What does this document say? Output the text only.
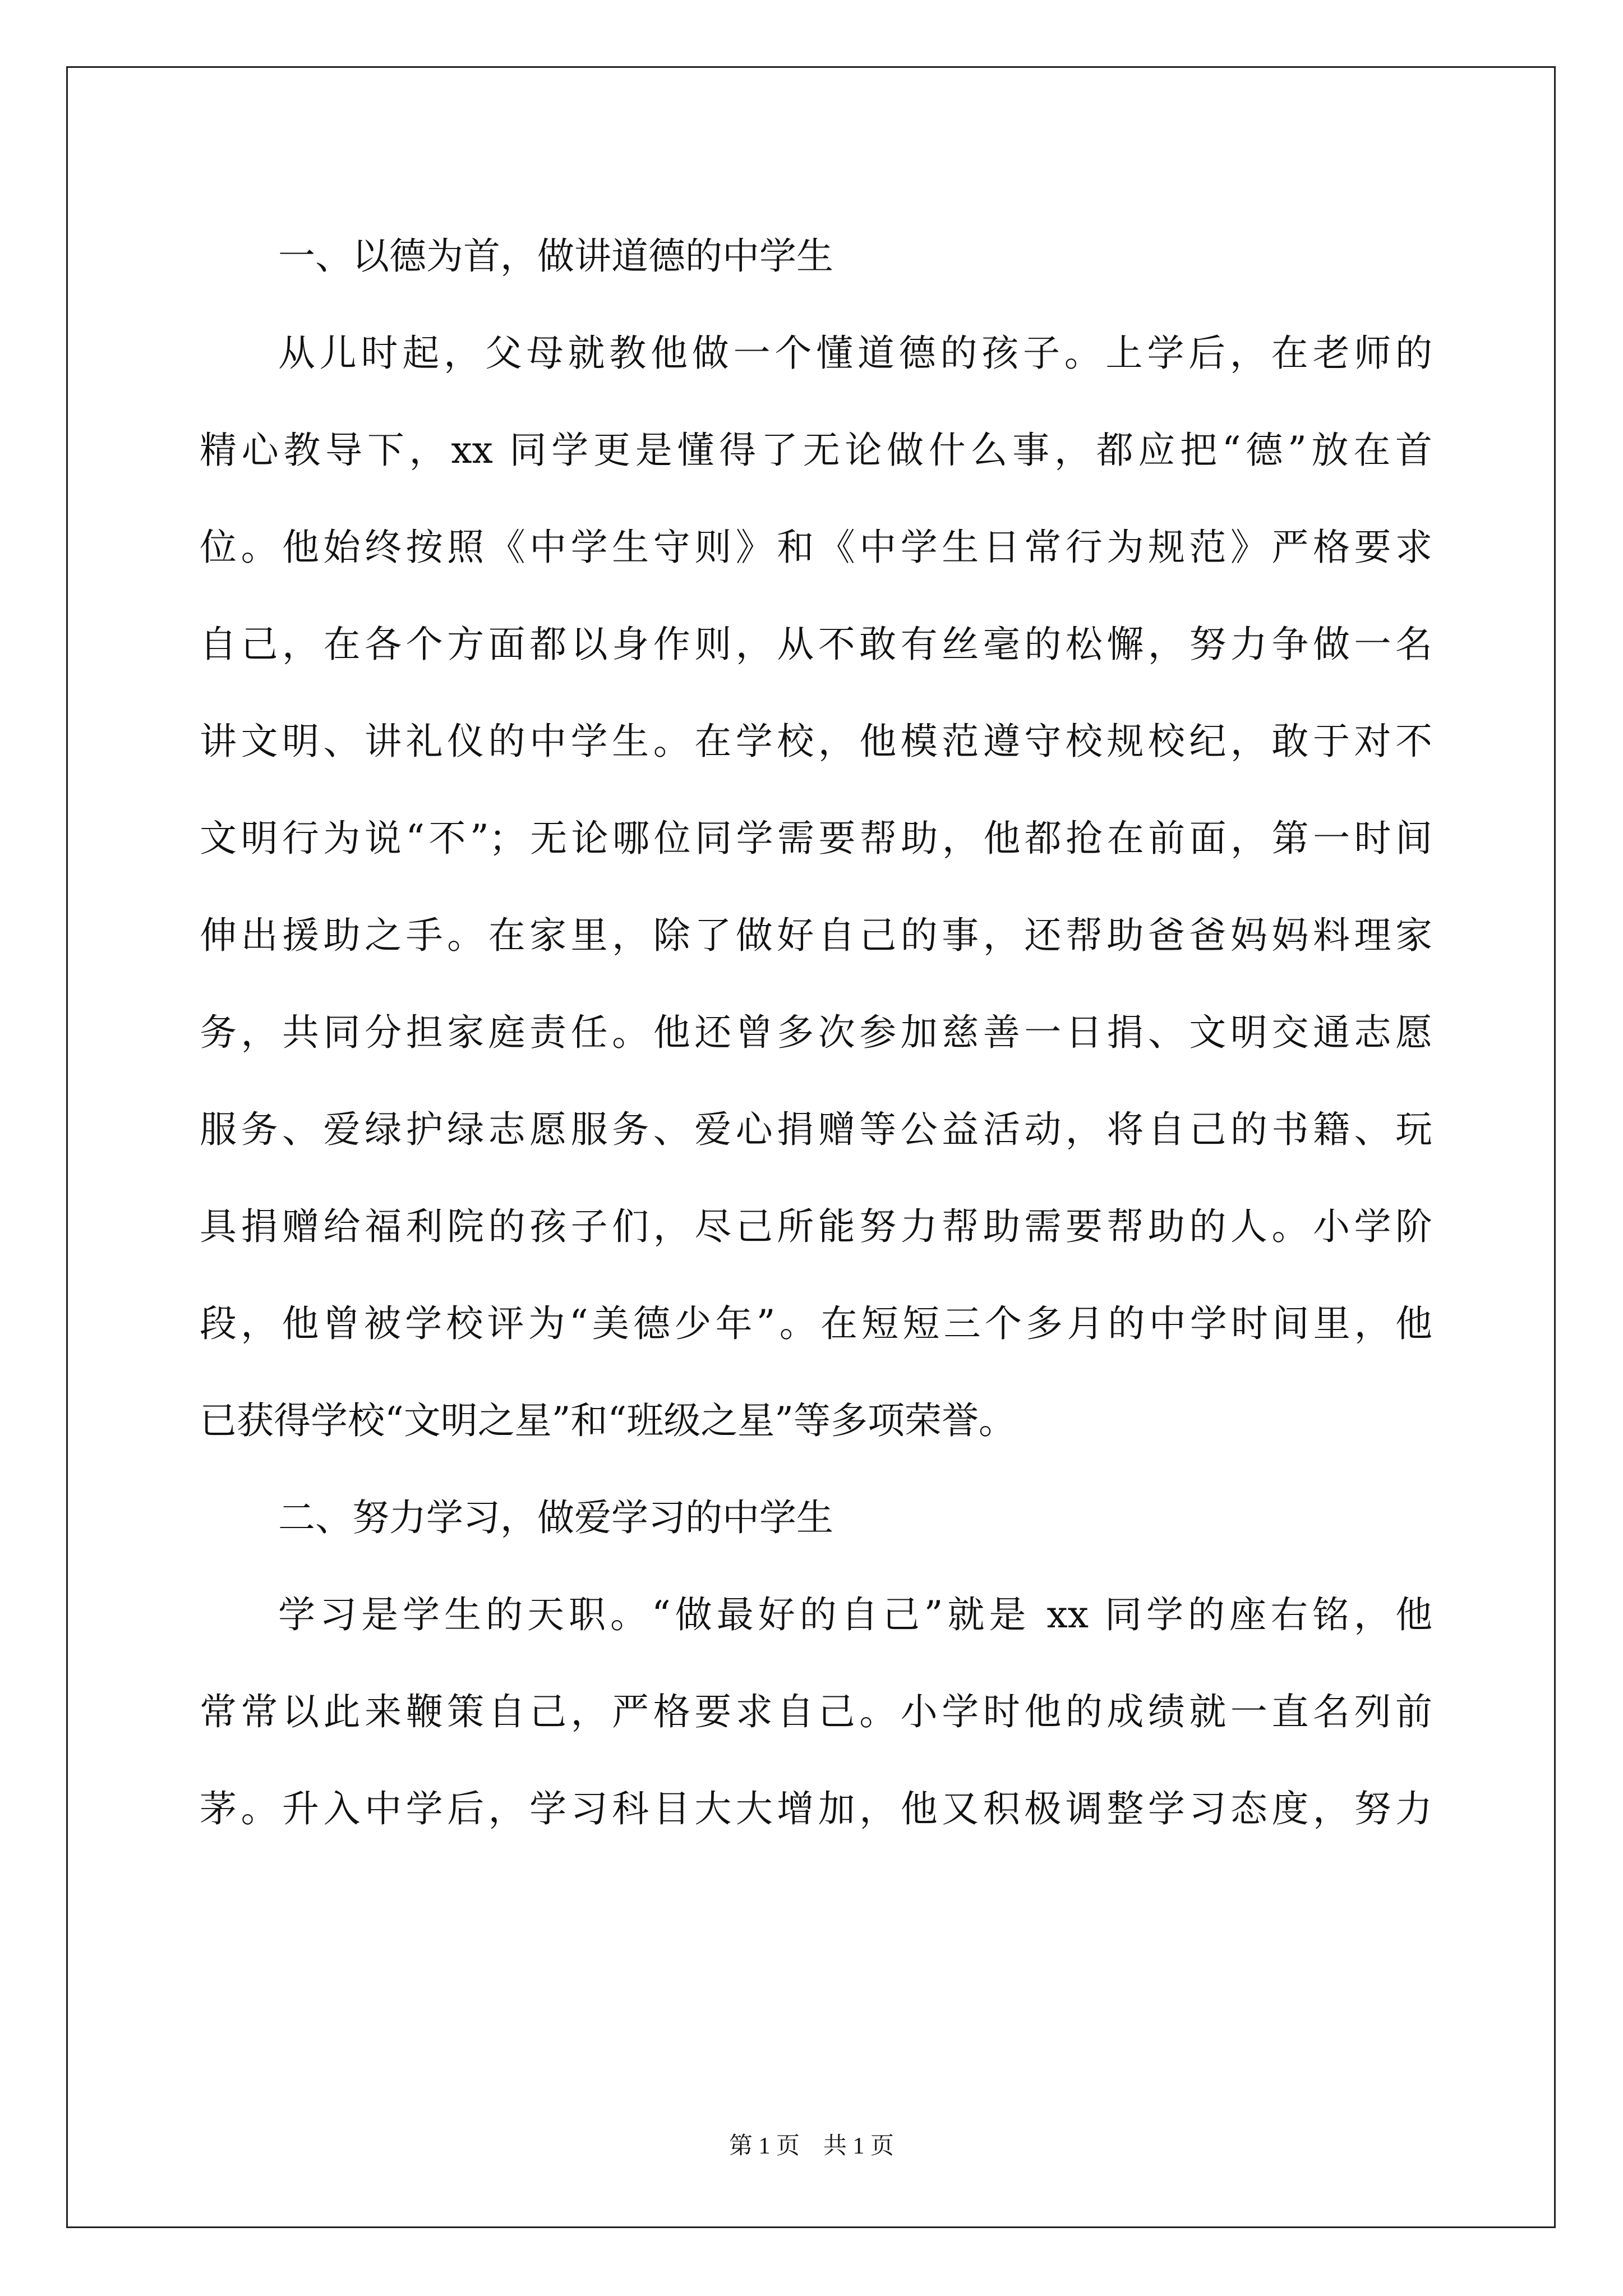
一、以德为首，做讲道德的中学生
从儿时起，父母就教他做一个懂道德的孩子。上学后，在老师的
精心教导下，xx 同学更是懂得了无论做什么事，都应把“德”放在首
位。他始终按照《中学生守则》和《中学生日常行为规范》严格要求
自己，在各个方面都以身作则，从不敢有丝毫的松懈，努力争做一名
讲文明、讲礼仪的中学生。在学校，他模范遵守校规校纪，敢于对不
文明行为说“不”；无论哪位同学需要帮助，他都抢在前面，第一时间
伸出援助之手。在家里，除了做好自己的事，还帮助爸爸妈妈料理家
务，共同分担家庭责任。他还曾多次参加慈善一日捐、文明交通志愿
服务、爱绿护绿志愿服务、爱心捐赠等公益活动，将自己的书籍、玩
具捐赠给福利院的孩子们，尽己所能努力帮助需要帮助的人。小学阶
段，他曾被学校评为“美德少年”。在短短三个多月的中学时间里，他
已获得学校“文明之星”和“班级之星”等多项荣誉。
二、努力学习，做爱学习的中学生
学习是学生的天职。“做最好的自己”就是 xx 同学的座右铭，他
常常以此来鞭策自己，严格要求自己。小学时他的成绩就一直名列前
茅。升入中学后，学习科目大大增加，他又积极调整学习态度，努力
第 1 页　共 1 页
